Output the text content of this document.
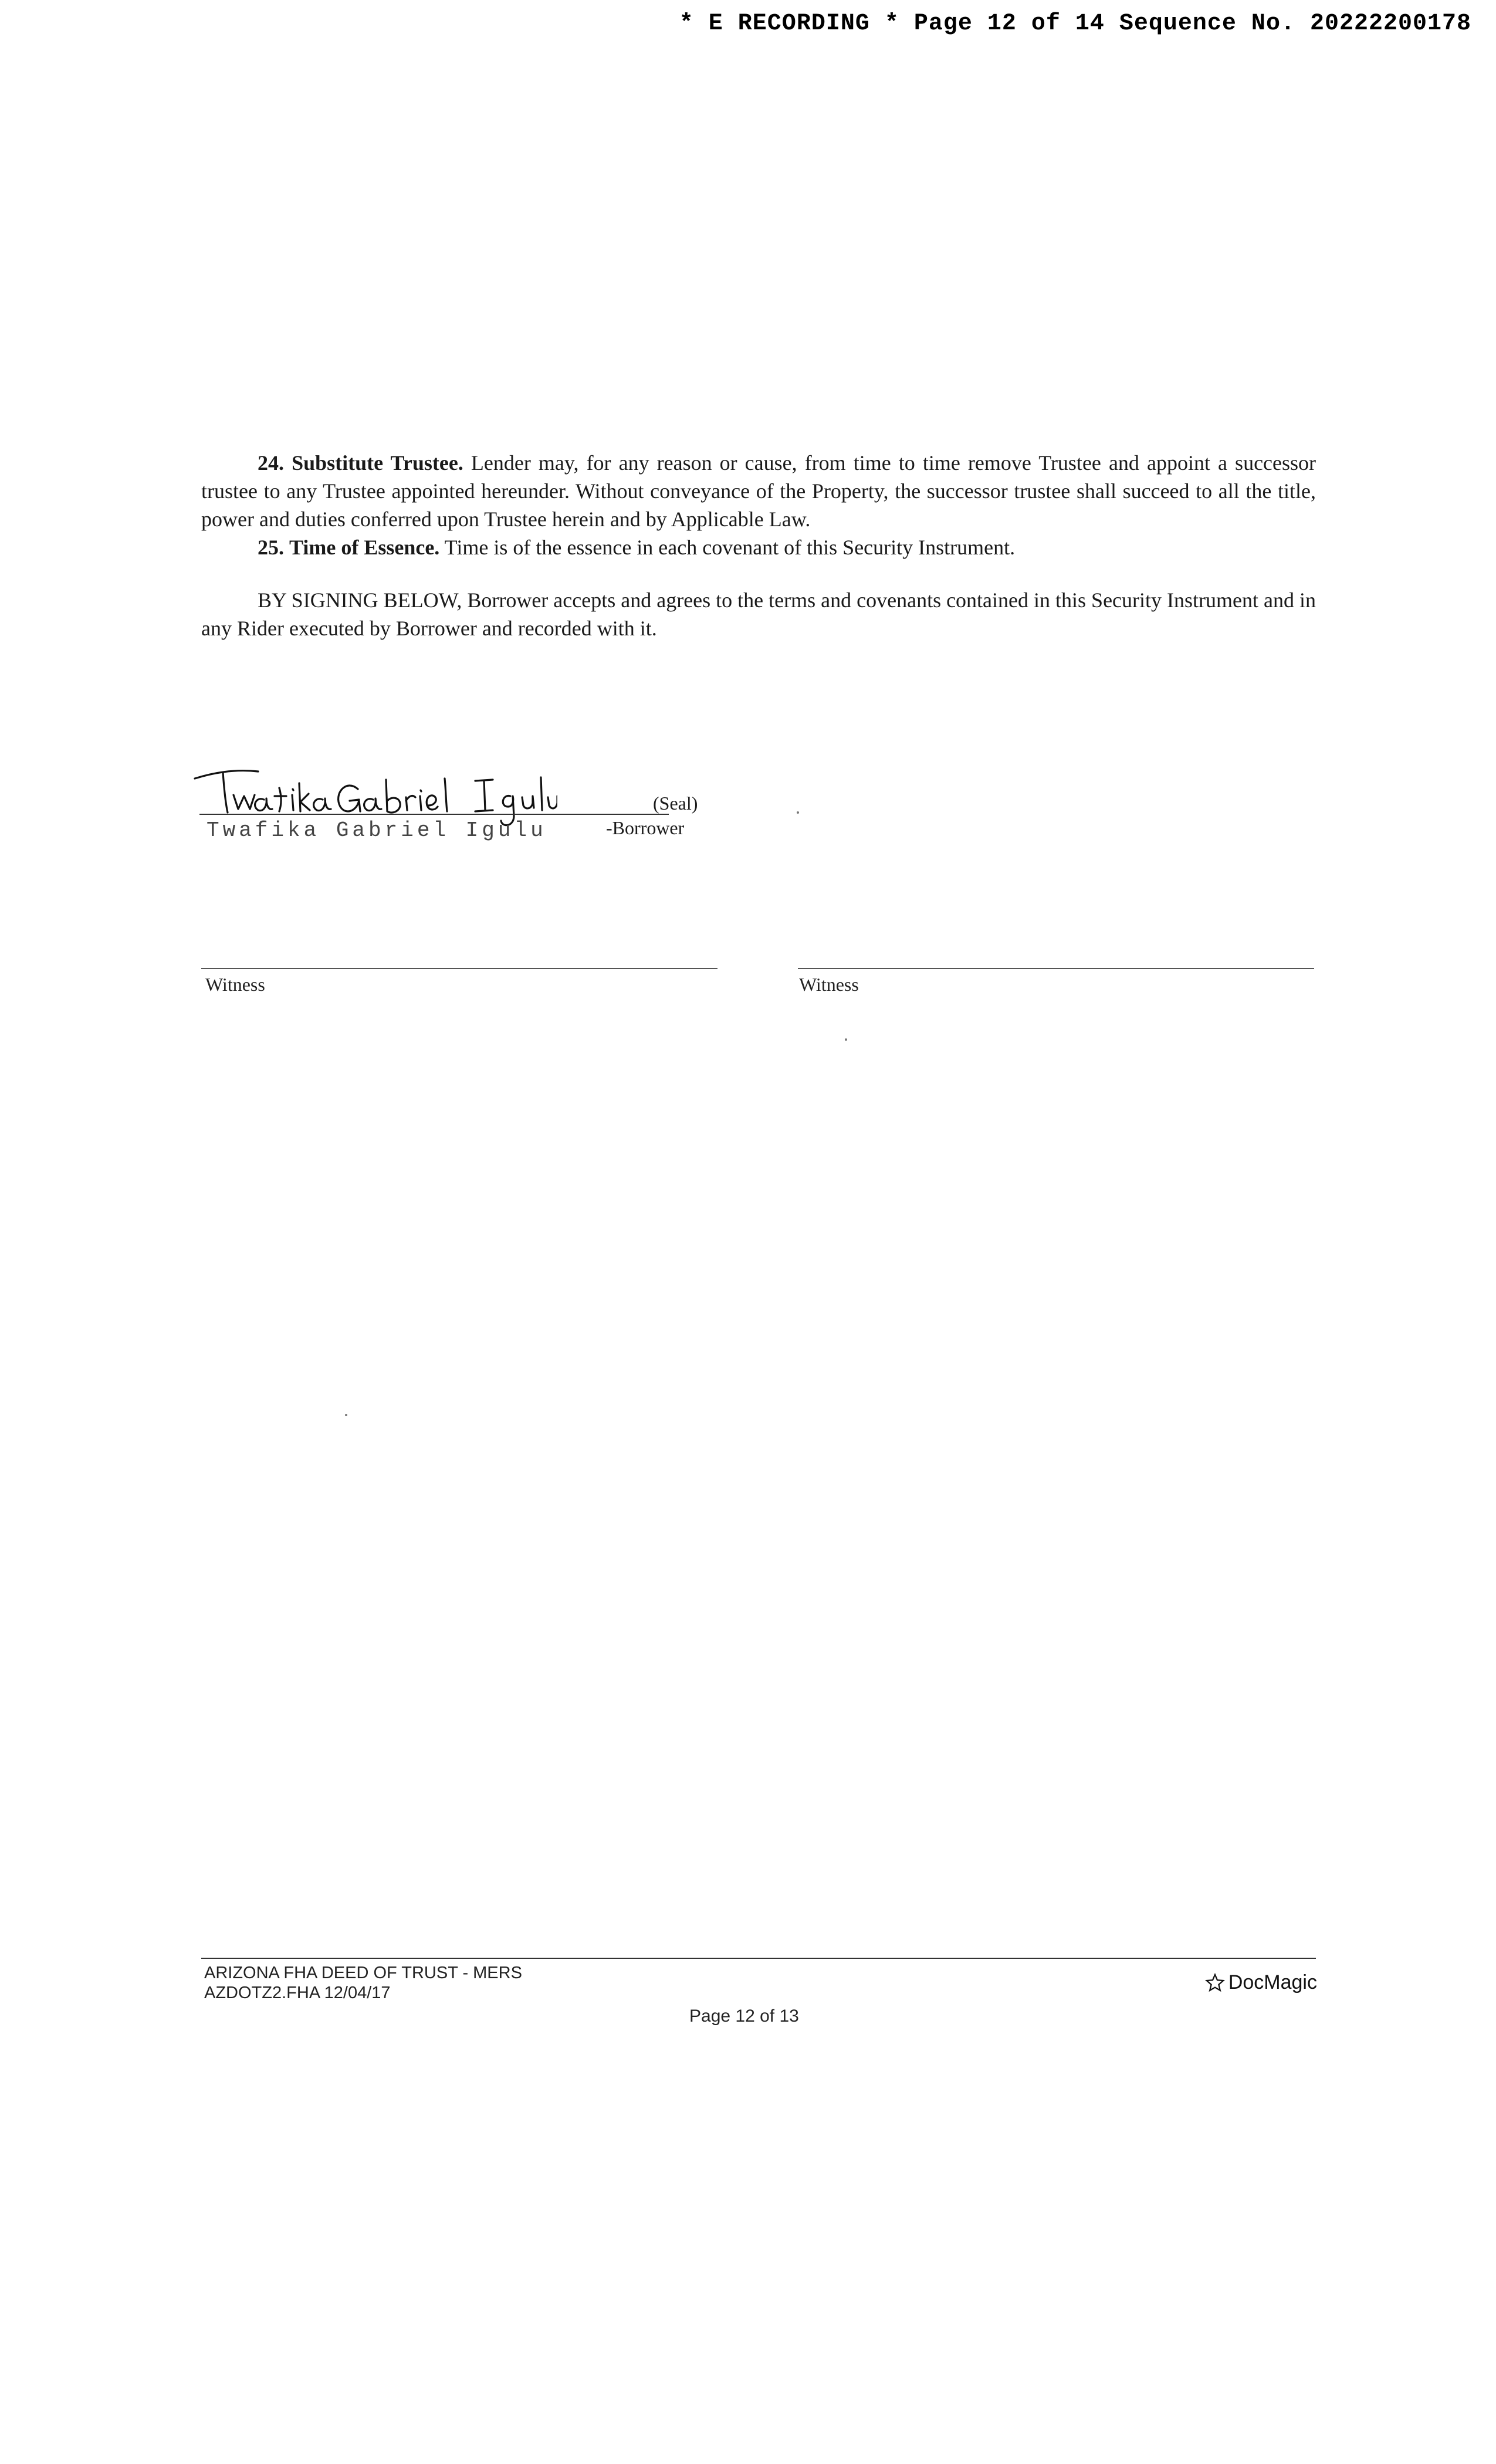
* E RECORDING * Page 12 of 14 Sequence No. 20222200178

24. Substitute Trustee. Lender may, for any reason or cause, from time to time remove Trustee and appoint a successor trustee to any Trustee appointed hereunder. Without conveyance of the Property, the successor trustee shall succeed to all the title, power and duties conferred upon Trustee herein and by Applicable Law.

25. Time of Essence. Time is of the essence in each covenant of this Security Instrument.

BY SIGNING BELOW, Borrower accepts and agrees to the terms and covenants contained in this Security Instrument and in any Rider executed by Borrower and recorded with it.

(Seal)
Twafika Gabriel Igulu	-Borrower
Witness	Witness
ARIZONA FHA DEED OF TRUST - MERS
AZDOTZ2.FHA 12/04/17	DocMagic
Page 12 of 13
